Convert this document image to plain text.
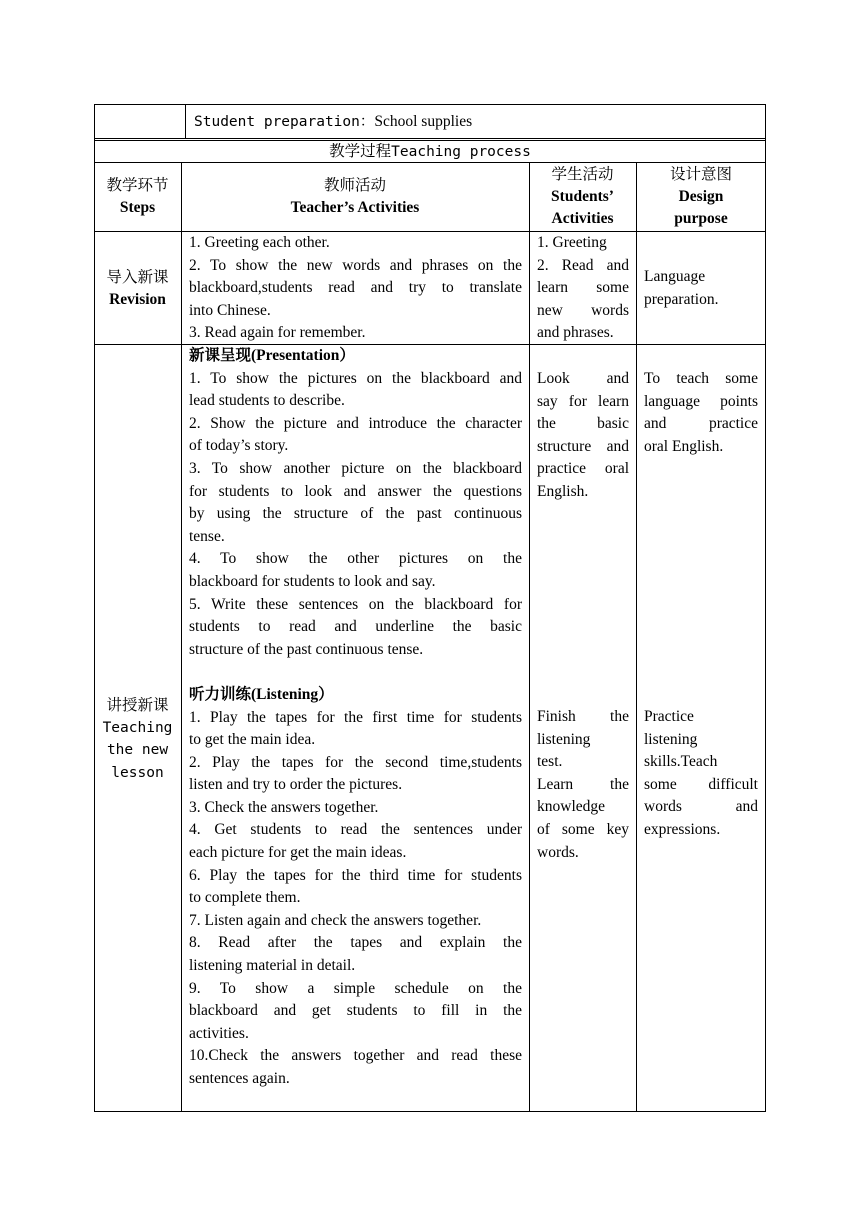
Student preparation：School supplies
教学过程Teaching process
教学环节
Steps
教师活动
Teacher’s Activities
学生活动
Students’
Activities
设计意图
Design
purpose
导入新课
Revision
1. Greeting each other.
2. To show the new words and phrases on the
blackboard,students read and try to translate
into Chinese.
3. Read again for remember.
1. Greeting
2. Read and
learn some
new words
and phrases.
Language
preparation.
讲授新课
Teaching
the new
lesson
新课呈现(Presentation）
1. To show the pictures on the blackboard and
lead students to describe.
2. Show the picture and introduce the character
of today’s story.
3. To show another picture on the blackboard
for students to look and answer the questions
by using the structure of the past continuous
tense.
4. To show the other pictures on the
blackboard for students to look and say.
5. Write these sentences on the blackboard for
students to read and underline the basic
structure of the past continuous tense.
听力训练(Listening）
1. Play the tapes for the first time for students
to get the main idea.
2. Play the tapes for the second time,students
listen and try to order the pictures.
3. Check the answers together.
4. Get students to read the sentences under
each picture for get the main ideas.
6. Play the tapes for the third time for students
to complete them.
7. Listen again and check the answers together.
8. Read after the tapes and explain the
listening material in detail.
9. To show a simple schedule on the
blackboard and get students to fill in the
activities.
10.Check the answers together and read these
sentences again.
Look and
say for learn
the basic
structure and
practice oral
English.
To teach some
language points
and practice
oral English.
Finish the
listening
test.
Learn the
knowledge
of some key
words.
Practice
listening
skills.Teach
some difficult
words and
expressions.
